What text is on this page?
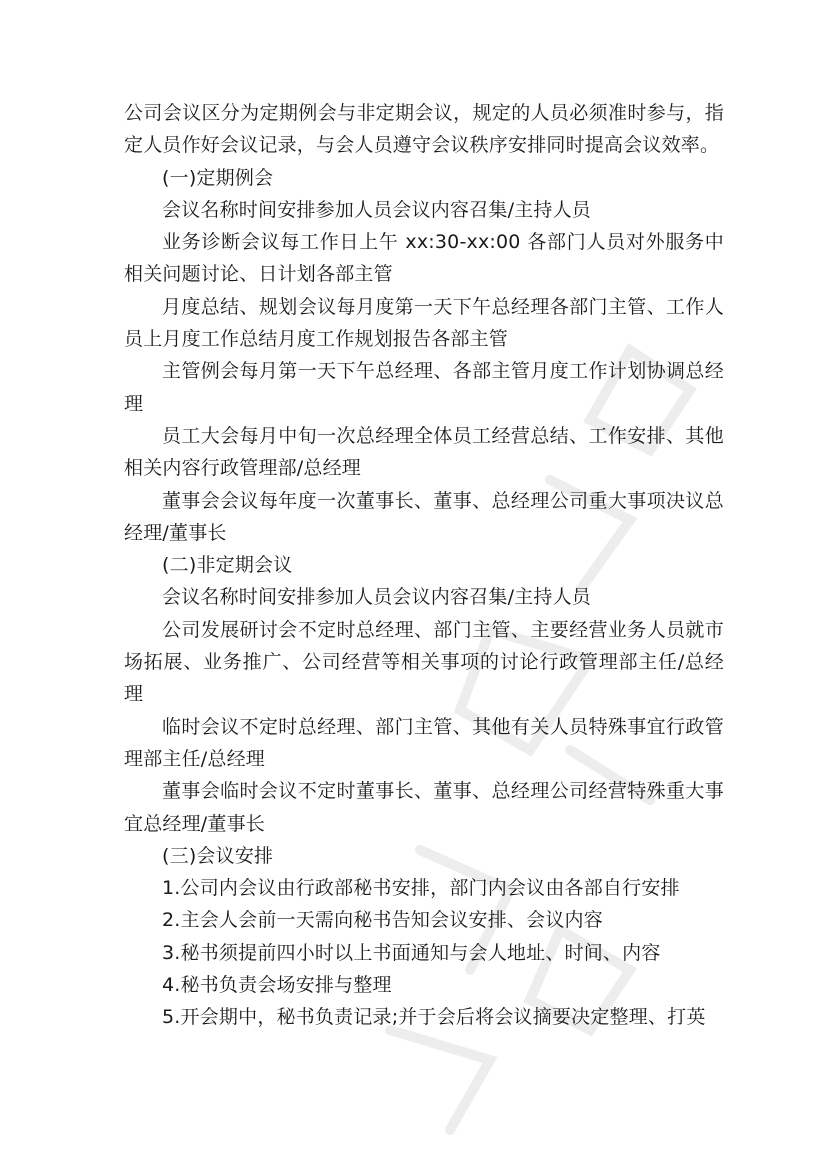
公司会议区分为定期例会与非定期会议，规定的人员必须准时参与，指定人员作好会议记录，与会人员遵守会议秩序安排同时提高会议效率。

(一)定期例会

会议名称时间安排参加人员会议内容召集/主持人员

业务诊断会议每工作日上午 xx:30-xx:00 各部门人员对外服务中相关问题讨论、日计划各部主管

月度总结、规划会议每月度第一天下午总经理各部门主管、工作人员上月度工作总结月度工作规划报告各部主管

主管例会每月第一天下午总经理、各部主管月度工作计划协调总经理

员工大会每月中旬一次总经理全体员工经营总结、工作安排、其他相关内容行政管理部/总经理

董事会会议每年度一次董事长、董事、总经理公司重大事项决议总经理/董事长

(二)非定期会议

会议名称时间安排参加人员会议内容召集/主持人员

公司发展研讨会不定时总经理、部门主管、主要经营业务人员就市场拓展、业务推广、公司经营等相关事项的讨论行政管理部主任/总经理

临时会议不定时总经理、部门主管、其他有关人员特殊事宜行政管理部主任/总经理

董事会临时会议不定时董事长、董事、总经理公司经营特殊重大事宜总经理/董事长

(三)会议安排

1.公司内会议由行政部秘书安排，部门内会议由各部自行安排

2.主会人会前一天需向秘书告知会议安排、会议内容

3.秘书须提前四小时以上书面通知与会人地址、时间、内容

4.秘书负责会场安排与整理

5.开会期中，秘书负责记录;并于会后将会议摘要决定整理、打英
